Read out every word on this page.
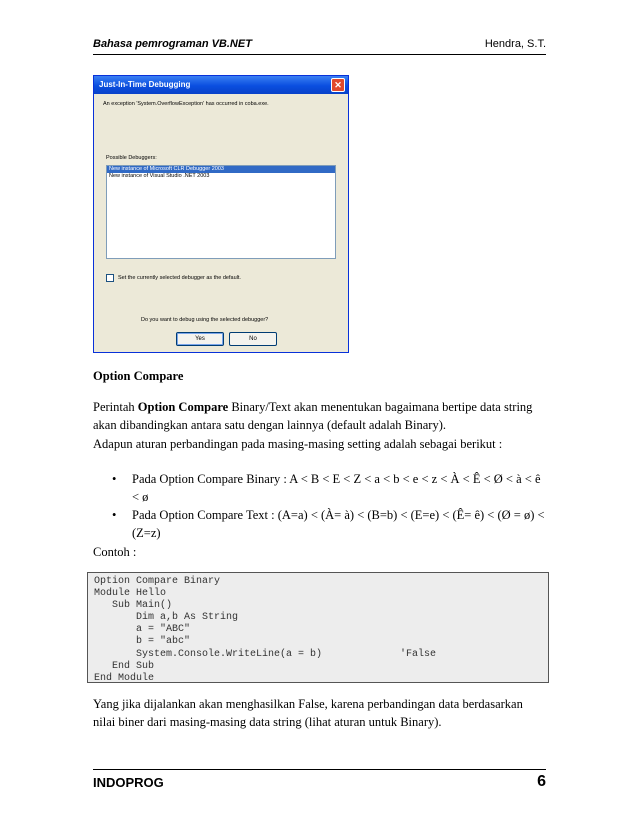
Bahasa pemrograman VB.NET	Hendra, S.T.
Just-In-Time Debugging	✕
An exception 'System.OverflowException' has occurred in coba.exe.
Possible Debuggers:
New instance of Microsoft CLR Debugger 2003
New instance of Visual Studio .NET 2003
Set the currently selected debugger as the default.
Do you want to debug using the selected debugger?
Yes	No
Option Compare
Perintah Option Compare Binary/Text akan menentukan bagaimana bertipe data string akan dibandingkan antara satu dengan lainnya (default adalah Binary).
Adapun aturan perbandingan pada masing-masing setting adalah sebagai berikut :
• Pada Option Compare Binary : A < B < E < Z < a < b < e < z < À < Ê < Ø < à < ê < ø
• Pada Option Compare Text : (A=a) < (À= à) < (B=b) < (E=e) < (Ê= ê) < (Ø = ø) < (Z=z)
Contoh :
Option Compare Binary
Module Hello
Sub Main()
Dim a,b As String
a = "ABC"
b = "abc"
System.Console.WriteLine(a = b)             'False
End Sub
End Module
Yang jika dijalankan akan menghasilkan False, karena perbandingan data berdasarkan nilai biner dari masing-masing data string (lihat aturan untuk Binary).
INDOPROG	6
